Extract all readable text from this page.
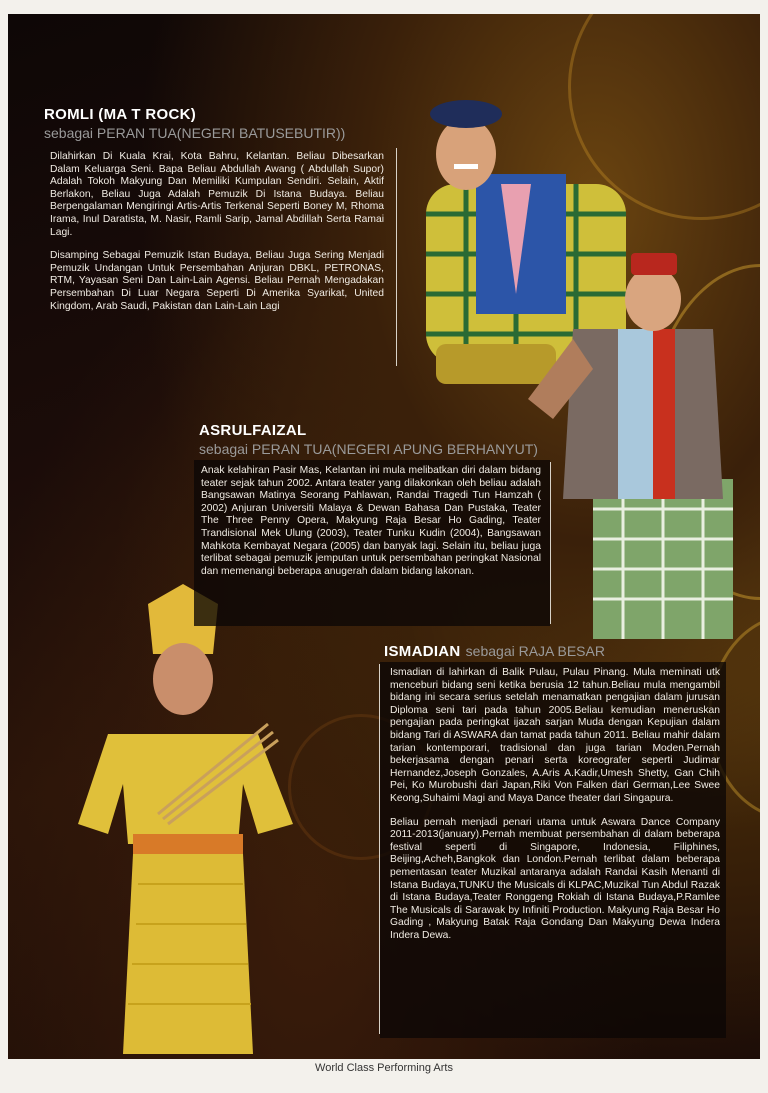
ROMLI (MA T ROCK)
sebagai PERAN TUA(NEGERI BATUSEBUTIR))

Dilahirkan Di Kuala Krai, Kota Bahru, Kelantan. Beliau Dibesarkan Dalam Keluarga Seni. Bapa Beliau Abdullah Awang ( Abdullah Supor) Adalah Tokoh Makyung Dan Memiliki Kumpulan Sendiri. Selain, Aktif Berlakon, Beliau Juga Adalah Pemuzik Di Istana Budaya. Beliau Berpengalaman Mengiringi Artis-Artis Terkenal Seperti Boney M, Rhoma Irama, Inul Daratista, M. Nasir, Ramli Sarip, Jamal Abdillah Serta Ramai Lagi.

Disamping Sebagai Pemuzik Istan Budaya, Beliau Juga Sering Menjadi Pemuzik Undangan Untuk Persembahan Anjuran DBKL, PETRONAS, RTM, Yayasan Seni Dan Lain-Lain Agensi. Beliau Pernah Mengadakan Persembahan Di Luar Negara Seperti Di Amerika Syarikat, United Kingdom, Arab Saudi, Pakistan dan Lain-Lain Lagi

ASRULFAIZAL
sebagai PERAN TUA(NEGERI APUNG BERHANYUT)

Anak kelahiran Pasir Mas, Kelantan ini mula melibatkan diri dalam bidang teater sejak tahun 2002. Antara teater yang dilakonkan oleh beliau adalah Bangsawan Matinya Seorang Pahlawan, Randai Tragedi Tun Hamzah ( 2002) Anjuran Universiti Malaya & Dewan Bahasa Dan Pustaka, Teater The Three Penny Opera, Makyung Raja Besar Ho Gading, Teater Trandisional Mek Ulung (2003), Teater Tunku Kudin (2004), Bangsawan Mahkota Kembayat Negara (2005) dan banyak lagi. Selain itu, beliau juga terlibat sebagai pemuzik jemputan untuk persembahan peringkat Nasional dan memenangi beberapa anugerah dalam bidang lakonan.

ISMADIAN sebagai RAJA BESAR

Ismadian di lahirkan di Balik Pulau, Pulau Pinang. Mula meminati utk menceburi bidang seni ketika berusia 12 tahun.Beliau mula mengambil bidang ini secara serius setelah menamatkan pengajian dalam jurusan Diploma seni tari pada tahun 2005.Beliau kemudian meneruskan pengajian pada peringkat ijazah sarjan Muda dengan Kepujian dalam bidang Tari di ASWARA dan tamat pada tahun 2011. Beliau mahir dalam tarian kontemporari, tradisional dan juga tarian Moden.Pernah bekerjasama dengan penari serta koreografer seperti Judimar Hernandez,Joseph Gonzales, A.Aris A.Kadir,Umesh Shetty, Gan Chih Pei, Ko Murobushi dari Japan,Riki Von Falken dari German,Lee Swee Keong,Suhaimi Magi and Maya Dance theater dari Singapura.

Beliau pernah menjadi penari utama untuk Aswara Dance Company 2011-2013(january).Pernah membuat persembahan di dalam beberapa festival seperti di Singapore, Indonesia, Filiphines, Beijing,Acheh,Bangkok dan London.Pernah terlibat dalam beberapa pementasan teater Muzikal antaranya adalah Randai Kasih Menanti di Istana Budaya,TUNKU the Musicals di KLPAC,Muzikal Tun Abdul Razak di Istana Budaya,Teater Ronggeng Rokiah di Istana Budaya,P.Ramlee The Musicals di Sarawak by Infiniti Production. Makyung Raja Besar Ho Gading , Makyung Batak Raja Gondang Dan Makyung Dewa Indera Indera Dewa.

World Class Performing Arts
